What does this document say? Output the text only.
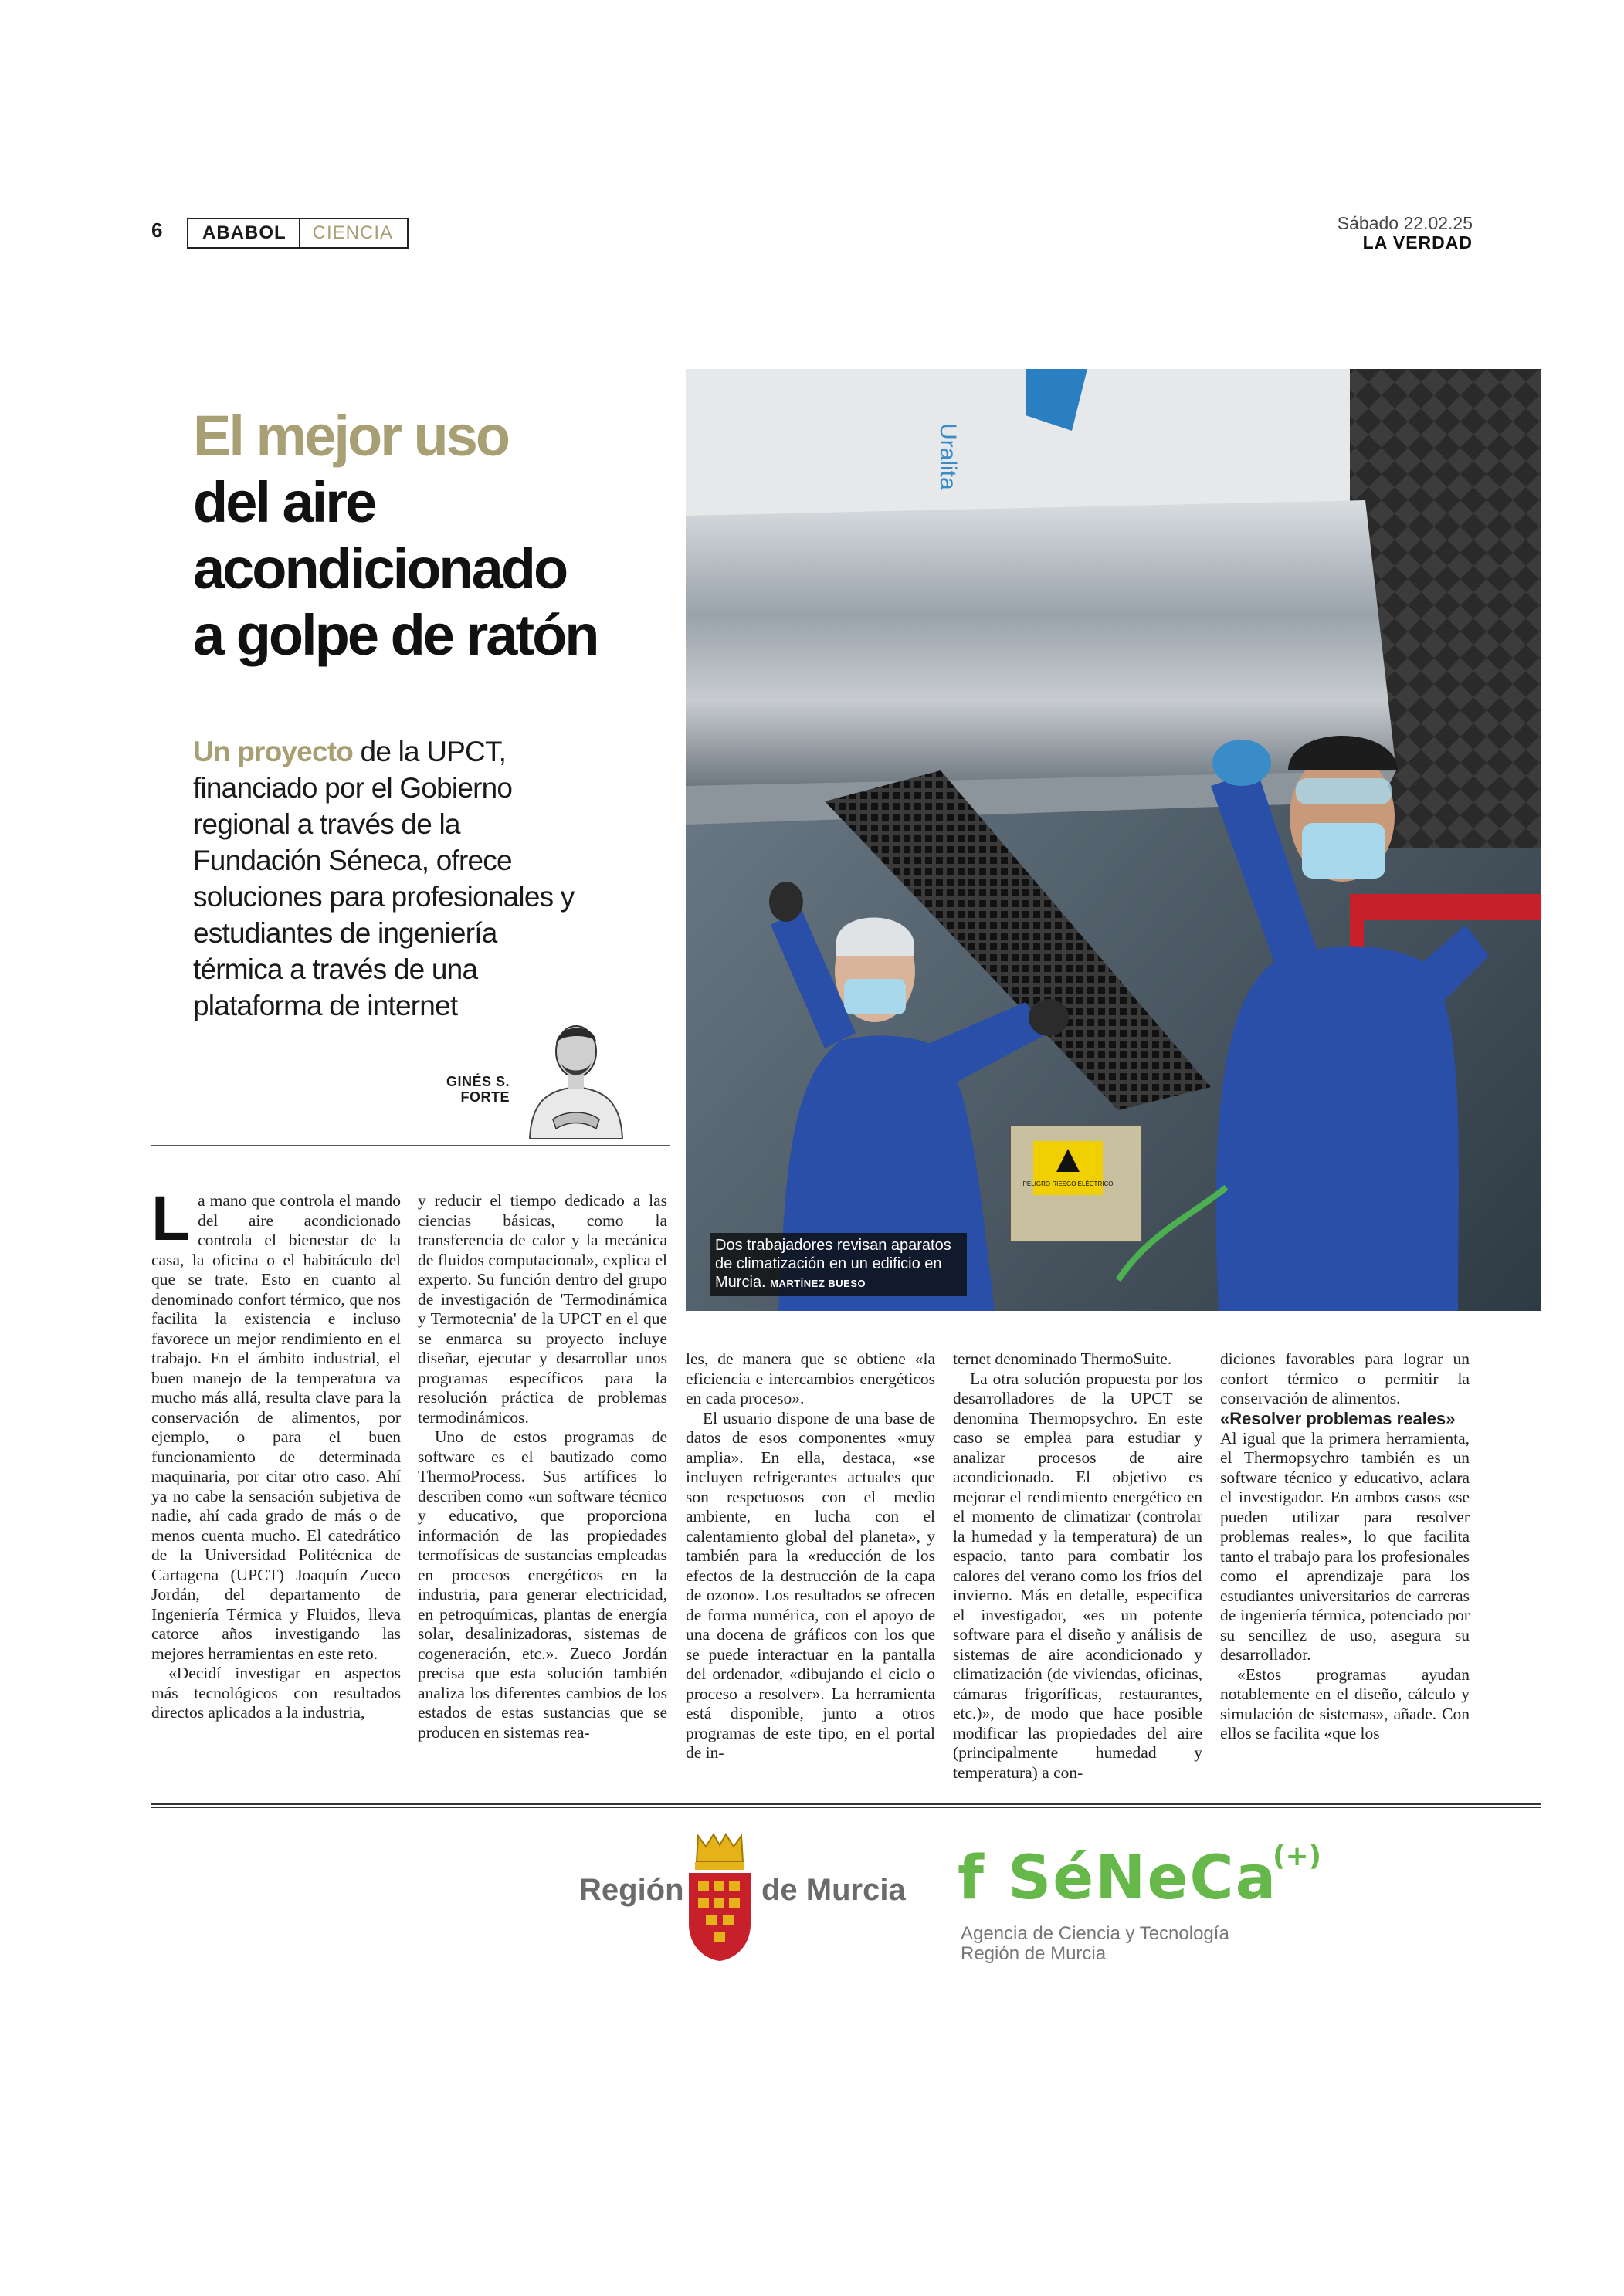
6	ABABOL	CIENCIA	Sábado 22.02.25
LA VERDAD
El mejor uso
del aire
acondicionado
a golpe de ratón
Un proyecto de la UPCT, financiado por el Gobierno regional a través de la Fundación Séneca, ofrece soluciones para profesionales y estudiantes de ingeniería térmica a través de una plataforma de internet
GINÉS S.
FORTE
Uralita
PELIGRO RIESGO ELÉCTRICO
Dos trabajadores revisan aparatos de climatización en un edificio en Murcia. MARTÍNEZ BUESO

La mano que controla el mando del aire acondicionado controla el bienestar de la casa, la oficina o el habitáculo del que se trate. Esto en cuanto al denominado confort térmico, que nos facilita la existencia e incluso favorece un mejor rendimiento en el trabajo. En el ámbito industrial, el buen manejo de la temperatura va mucho más allá, resulta clave para la conservación de alimentos, por ejemplo, o para el buen funcionamiento de determinada maquinaria, por citar otro caso. Ahí ya no cabe la sensación subjetiva de nadie, ahí cada grado de más o de menos cuenta mucho. El catedrático de la Universidad Politécnica de Cartagena (UPCT) Joaquín Zueco Jordán, del departamento de Ingeniería Térmica y Fluidos, lleva catorce años investigando las mejores herramientas en este reto.

«Decidí investigar en aspectos más tecnológicos con resultados directos aplicados a la industria,

y reducir el tiempo dedicado a las ciencias básicas, como la transferencia de calor y la mecánica de fluidos computacional», explica el experto. Su función dentro del grupo de investigación de 'Termodinámica y Termotecnia' de la UPCT en el que se enmarca su proyecto incluye diseñar, ejecutar y desarrollar unos programas específicos para la resolución práctica de problemas termodinámicos.

Uno de estos programas de software es el bautizado como ThermoProcess. Sus artífices lo describen como «un software técnico y educativo, que proporciona información de las propiedades termofísicas de sustancias empleadas en procesos energéticos en la industria, para generar electricidad, en petroquímicas, plantas de energía solar, desalinizadoras, sistemas de cogeneración, etc.». Zueco Jordán precisa que esta solución también analiza los diferentes cambios de los estados de estas sustancias que se producen en sistemas rea-

les, de manera que se obtiene «la eficiencia e intercambios energéticos en cada proceso».

El usuario dispone de una base de datos de esos componentes «muy amplia». En ella, destaca, «se incluyen refrigerantes actuales que son respetuosos con el medio ambiente, en lucha con el calentamiento global del planeta», y también para la «reducción de los efectos de la destrucción de la capa de ozono». Los resultados se ofrecen de forma numérica, con el apoyo de una docena de gráficos con los que se puede interactuar en la pantalla del ordenador, «dibujando el ciclo o proceso a resolver». La herramienta está disponible, junto a otros programas de este tipo, en el portal de in-

ternet denominado ThermoSuite.

La otra solución propuesta por los desarrolladores de la UPCT se denomina Thermopsychro. En este caso se emplea para estudiar y analizar procesos de aire acondicionado. El objetivo es mejorar el rendimiento energético en el momento de climatizar (controlar la humedad y la temperatura) de un espacio, tanto para combatir los calores del verano como los fríos del invierno. Más en detalle, especifica el investigador, «es un potente software para el diseño y análisis de sistemas de aire acondicionado y climatización (de viviendas, oficinas, cámaras frigoríficas, restaurantes, etc.)», de modo que hace posible modificar las propiedades del aire (principalmente humedad y temperatura) a con-

diciones favorables para lograr un confort térmico o permitir la conservación de alimentos.

«Resolver problemas reales»

Al igual que la primera herramienta, el Thermopsychro también es un software técnico y educativo, aclara el investigador. En ambos casos «se pueden utilizar para resolver problemas reales», lo que facilita tanto el trabajo para los profesionales como el aprendizaje para los estudiantes universitarios de carreras de ingeniería térmica, potenciado por su sencillez de uso, asegura su desarrollador.

«Estos programas ayudan notablemente en el diseño, cálculo y simulación de sistemas», añade. Con ellos se facilita «que los

Región	de Murcia f SéNeCa
(+)
Agencia de Ciencia y Tecnología
Región de Murcia
